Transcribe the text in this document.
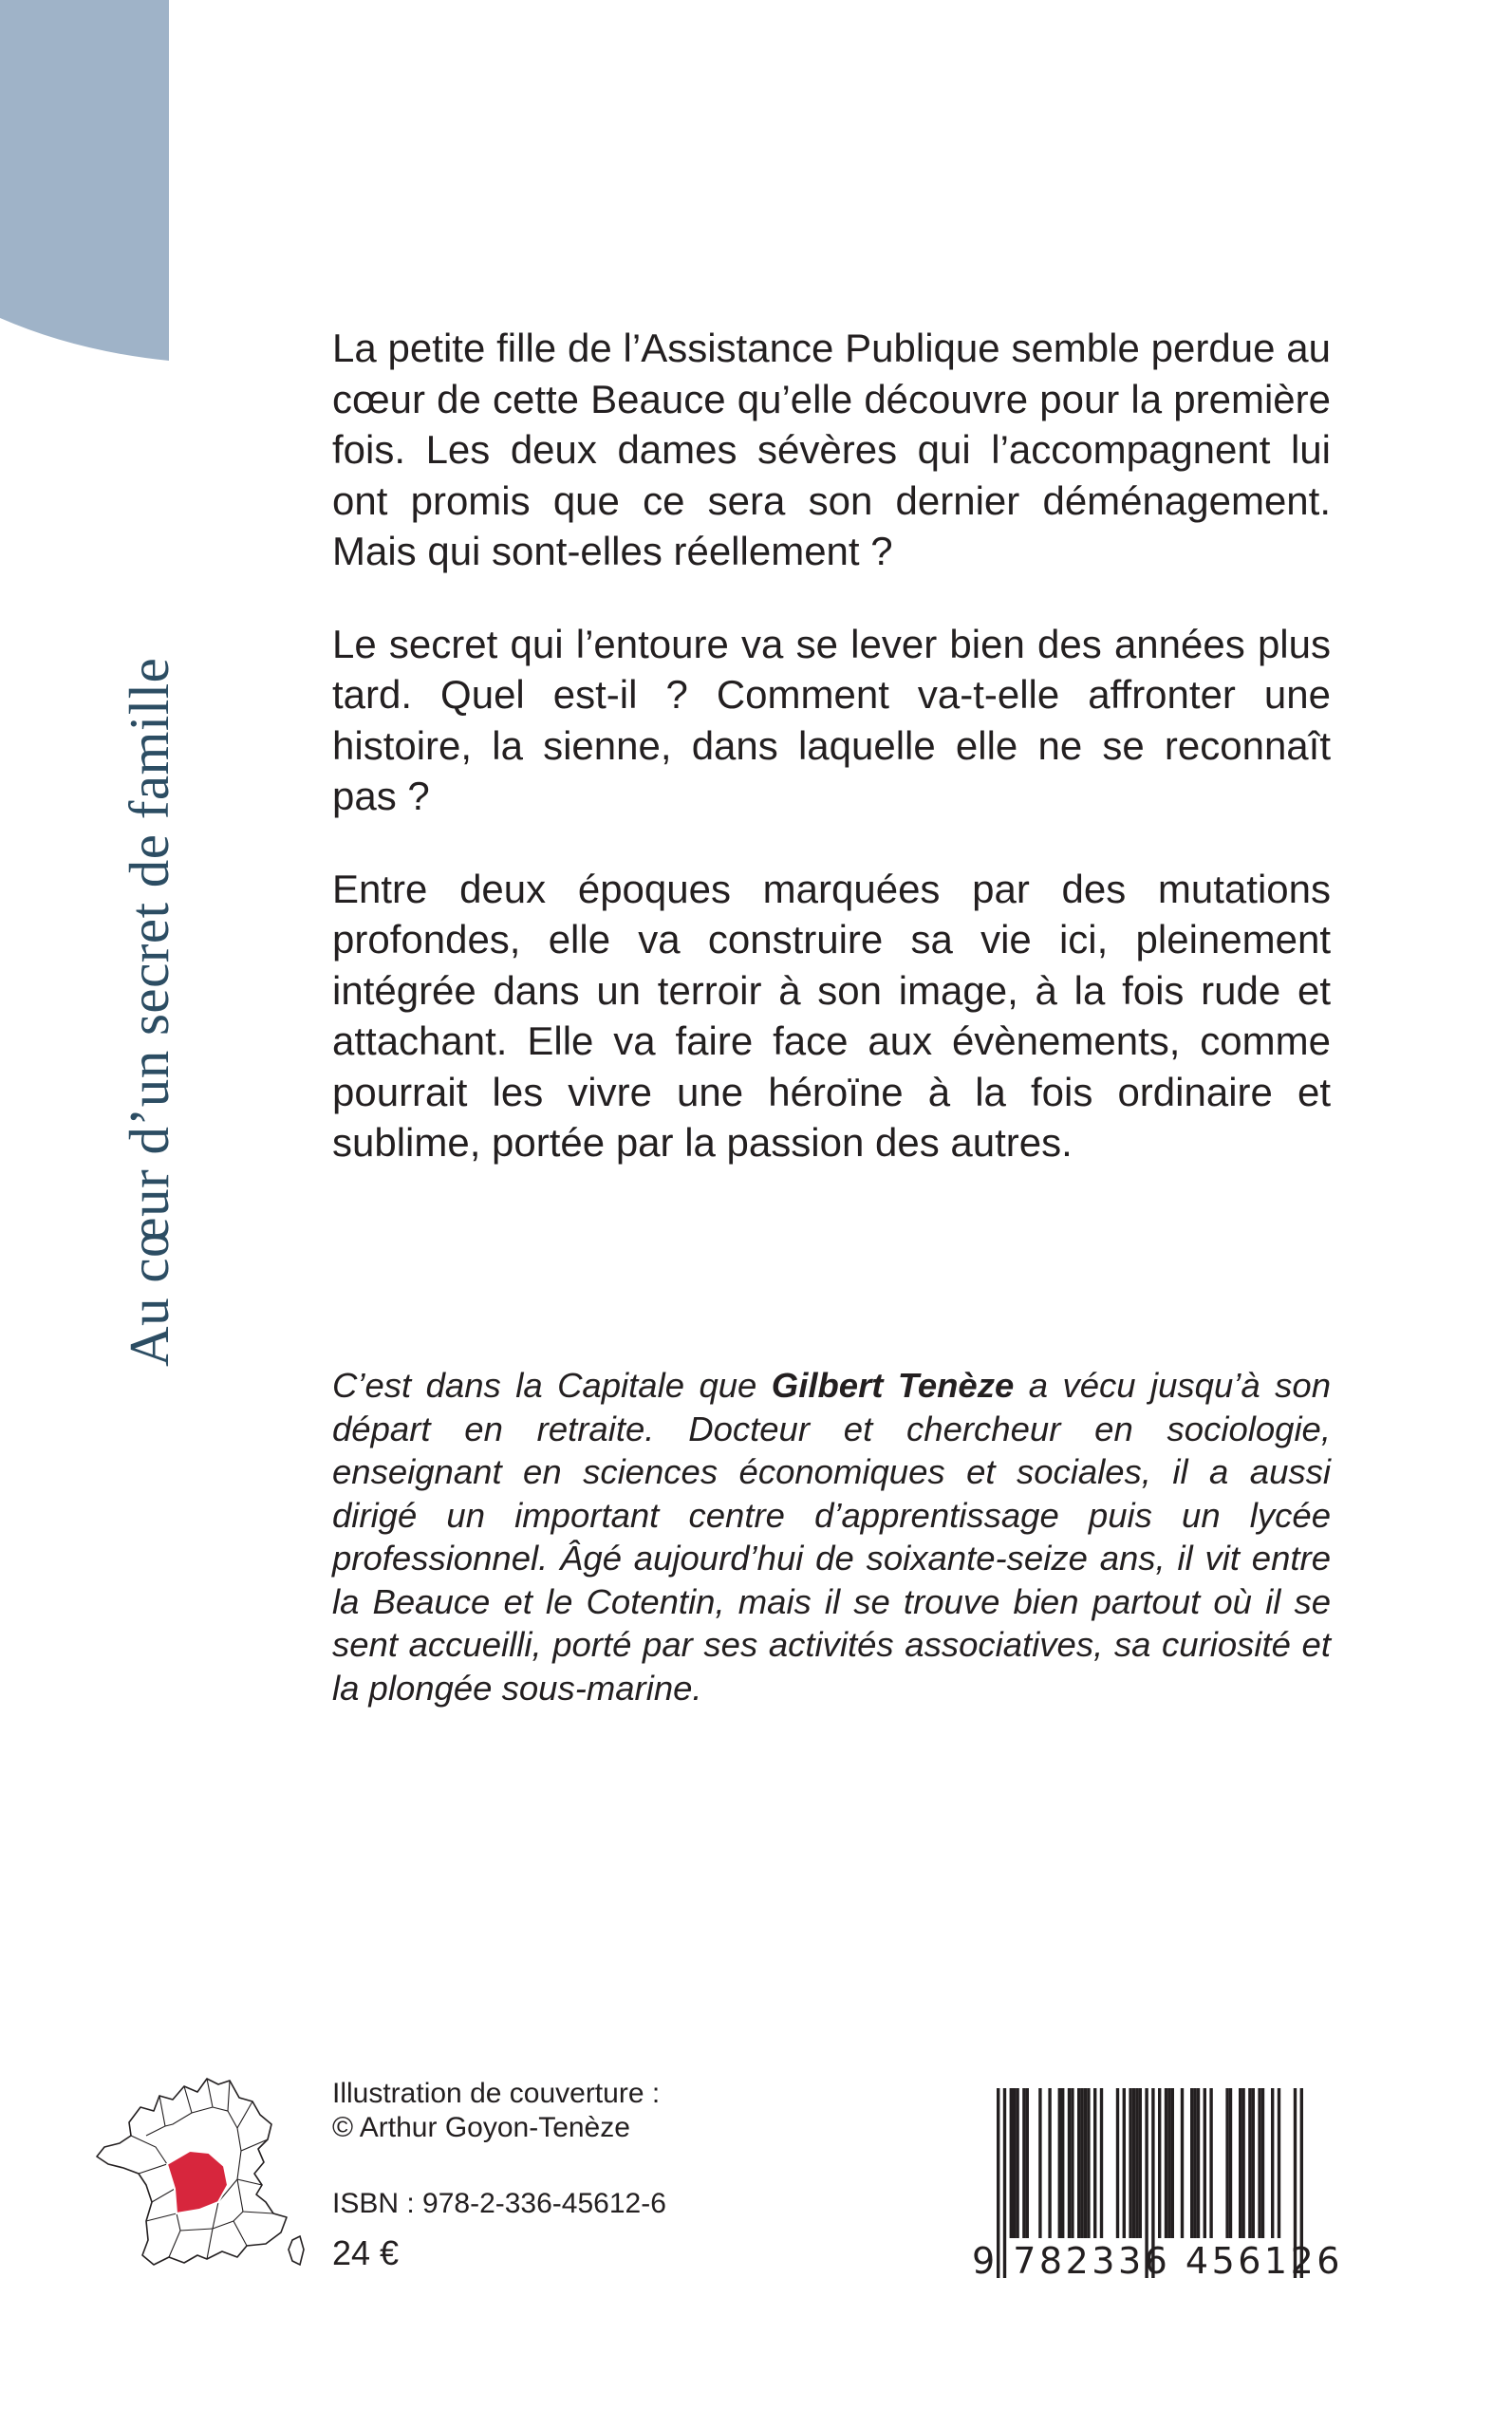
Au cœur d’un secret de famille

La petite fille de l’Assistance Publique semble perdue au cœur de cette Beauce qu’elle découvre pour la première fois. Les deux dames sévères qui l’accompagnent lui ont promis que ce sera son dernier déménagement. Mais qui sont-elles réellement ?

Le secret qui l’entoure va se lever bien des années plus tard. Quel est-il ? Comment va-t-elle affronter une histoire, la sienne, dans laquelle elle ne se reconnaît pas ?

Entre deux époques marquées par des mutations profondes, elle va construire sa vie ici, pleinement intégrée dans un terroir à son image, à la fois rude et attachant. Elle va faire face aux évènements, comme pourrait les vivre une héroïne à la fois ordinaire et sublime, portée par la passion des autres.

C’est dans la Capitale que Gilbert Tenèze a vécu jusqu’à son départ en retraite. Docteur et chercheur en sociologie, enseignant en sciences économiques et sociales, il a aussi dirigé un important centre d’apprentissage puis un lycée professionnel. Âgé aujourd’hui de soixante-seize ans, il vit entre la Beauce et le Cotentin, mais il se trouve bien partout où il se sent accueilli, porté par ses activités associatives, sa curiosité et la plongée sous-marine.

Illustration de couverture :
© Arthur Goyon-Tenèze
ISBN : 978-2-336-45612-6
24 €	9 782336 456126
